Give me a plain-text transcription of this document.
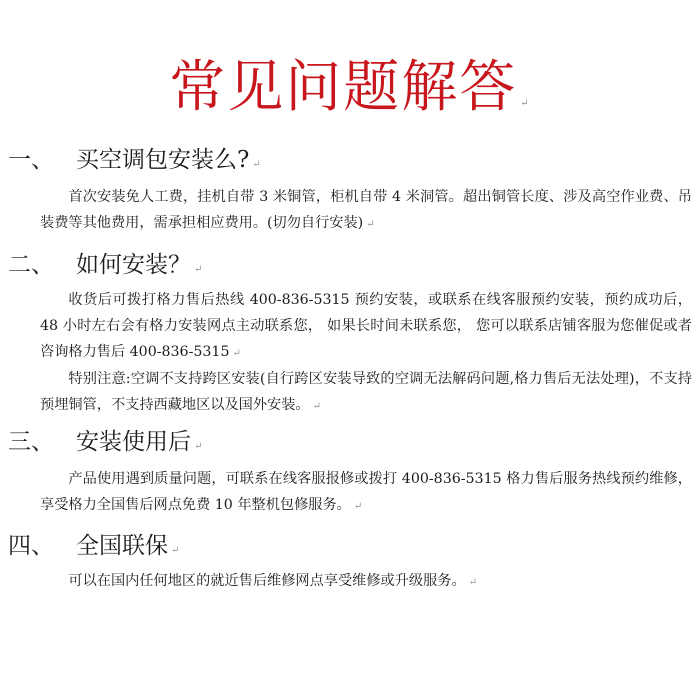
常见问题解答 ↵
一、 买空调包安装么? ↵

首次安装免人工费，挂机自带 3 米铜管，柜机自带 4 米洞管。超出铜管长度、涉及高空作业费、吊装费等其他费用，需承担相应费用。(切勿自行安装) ↵

二、 如何安装？ ↵

收货后可拨打格力售后热线 400-836-5315 预约安装，或联系在线客服预约安装，预约成功后， 48 小时左右会有格力安装网点主动联系您， 如果长时间未联系您， 您可以联系店铺客服为您催促或者咨询格力售后 400-836-5315 ↵

特别注意:空调不支持跨区安装(自行跨区安装导致的空调无法解码问题,格力售后无法处理)，不支持预埋铜管，不支持西藏地区以及国外安装。 ↵

三、 安装使用后 ↵

产品使用遇到质量问题，可联系在线客服报修或拨打 400-836-5315 格力售后服务热线预约维修，享受格力全国售后网点免费 10 年整机包修服务。 ↵

四、 全国联保 ↵

可以在国内任何地区的就近售后维修网点享受维修或升级服务。 ↵
